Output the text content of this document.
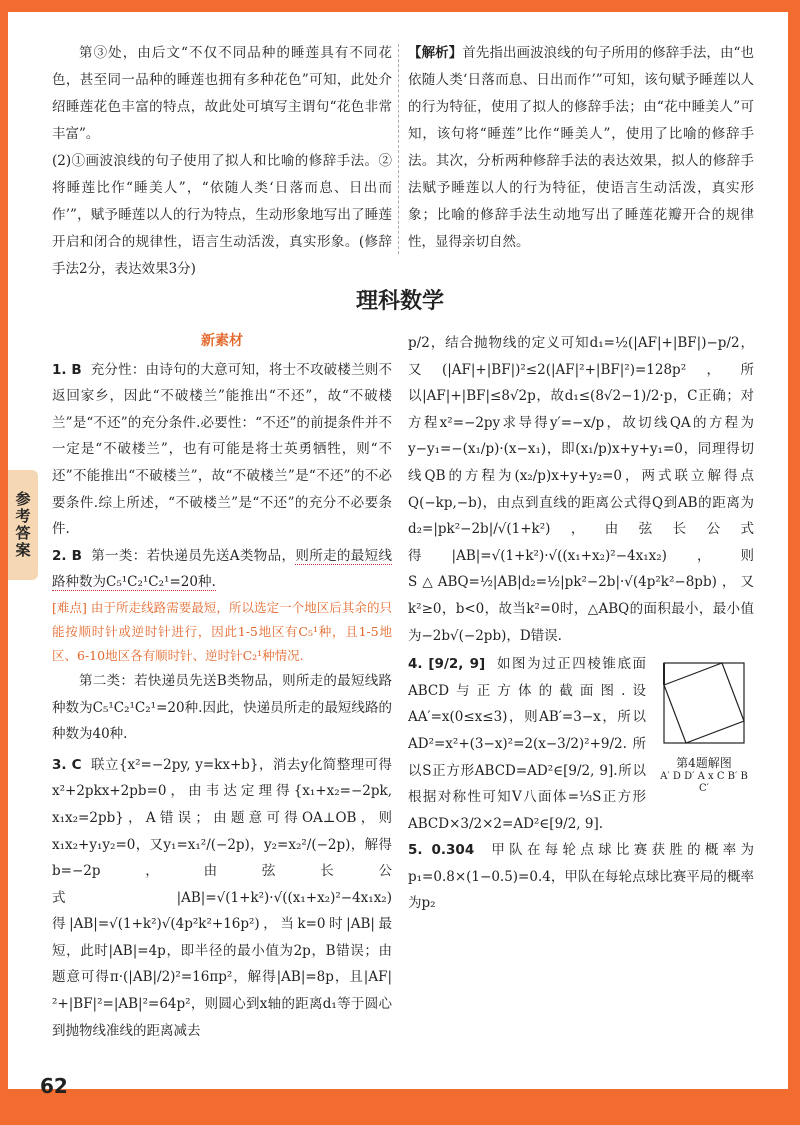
参考答案

第③处，由后文“不仅不同品种的睡莲具有不同花色，甚至同一品种的睡莲也拥有多种花色”可知，此处介绍睡莲花色丰富的特点，故此处可填写主谓句“花色非常丰富”。

(2)①画波浪线的句子使用了拟人和比喻的修辞手法。②将睡莲比作“睡美人”，“依随人类‘日落而息、日出而作’”，赋予睡莲以人的行为特点，生动形象地写出了睡莲开启和闭合的规律性，语言生动活泼，真实形象。(修辞手法2分，表达效果3分)

【解析】首先指出画波浪线的句子所用的修辞手法，由“也依随人类‘日落而息、日出而作’”可知，该句赋予睡莲以人的行为特征，使用了拟人的修辞手法；由“花中睡美人”可知，该句将“睡莲”比作“睡美人”，使用了比喻的修辞手法。其次，分析两种修辞手法的表达效果，拟人的修辞手法赋予睡莲以人的行为特征，使语言生动活泼，真实形象；比喻的修辞手法生动地写出了睡莲花瓣开合的规律性，显得亲切自然。

理科数学
新素材

1. B 充分性：由诗句的大意可知，将士不攻破楼兰则不返回家乡，因此“不破楼兰”能推出“不还”，故“不破楼兰”是“不还”的充分条件.必要性：“不还”的前提条件并不一定是“不破楼兰”，也有可能是将士英勇牺牲，则“不还”不能推出“不破楼兰”，故“不破楼兰”是“不还”的不必要条件.综上所述，“不破楼兰”是“不还”的充分不必要条件.

2. B 第一类：若快递员先送A类物品，则所走的最短线路种数为C₅¹C₂¹C₂¹=20种.

[难点] 由于所走线路需要最短，所以选定一个地区后其余的只能按顺时针或逆时针进行，因此1-5地区有C₅¹种，且1-5地区、6-10地区各有顺时针、逆时针C₂¹种情况.

第二类：若快递员先送B类物品，则所走的最短线路种数为C₅¹C₂¹C₂¹=20种.因此，快递员所走的最短线路的种数为40种.

3. C 联立{x²=−2py, y=kx+b}，消去y化简整理可得x²+2pkx+2pb=0，由韦达定理得{x₁+x₂=−2pk, x₁x₂=2pb}，A错误；由题意可得OA⊥OB，则x₁x₂+y₁y₂=0，又y₁=x₁²/(−2p)，y₂=x₂²/(−2p)，解得b=−2p，由弦长公式|AB|=√(1+k²)·√((x₁+x₂)²−4x₁x₂)得|AB|=√(1+k²)√(4p²k²+16p²)，当k=0时|AB|最短，此时|AB|=4p，即半径的最小值为2p，B错误；由题意可得π·(|AB|/2)²=16πp²，解得|AB|=8p，且|AF|²+|BF|²=|AB|²=64p²，则圆心到x轴的距离d₁等于圆心到抛物线准线的距离减去

p/2，结合抛物线的定义可知d₁=½(|AF|+|BF|)−p/2，又(|AF|+|BF|)²≤2(|AF|²+|BF|²)=128p²，所以|AF|+|BF|≤8√2p，故d₁≤(8√2−1)/2·p，C正确；对方程x²=−2py求导得y′=−x/p，故切线QA的方程为y−y₁=−(x₁/p)·(x−x₁)，即(x₁/p)x+y+y₁=0，同理得切线QB的方程为(x₂/p)x+y+y₂=0，两式联立解得点Q(−kp,−b)，由点到直线的距离公式得Q到AB的距离为d₂=|pk²−2b|/√(1+k²)，由弦长公式得|AB|=√(1+k²)·√((x₁+x₂)²−4x₁x₂)，则S△ABQ=½|AB|d₂=½|pk²−2b|·√(4p²k²−8pb)，又k²≥0，b<0，故当k²=0时，△ABQ的面积最小，最小值为−2b√(−2pb)，D错误.

第4题解图
A′ D D′ A x C B′ B C′

4. [9/2, 9] 如图为过正四棱锥底面ABCD与正方体的截面图.设AA′=x(0≤x≤3)，则AB′=3−x，所以AD²=x²+(3−x)²=2(x−3/2)²+9/2.所以S正方形ABCD=AD²∈[9/2, 9].所以根据对称性可知V八面体=⅓S正方形ABCD×3/2×2=AD²∈[9/2, 9].

5. 0.304 甲队在每轮点球比赛获胜的概率为p₁=0.8×(1−0.5)=0.4，甲队在每轮点球比赛平局的概率为p₂

62
